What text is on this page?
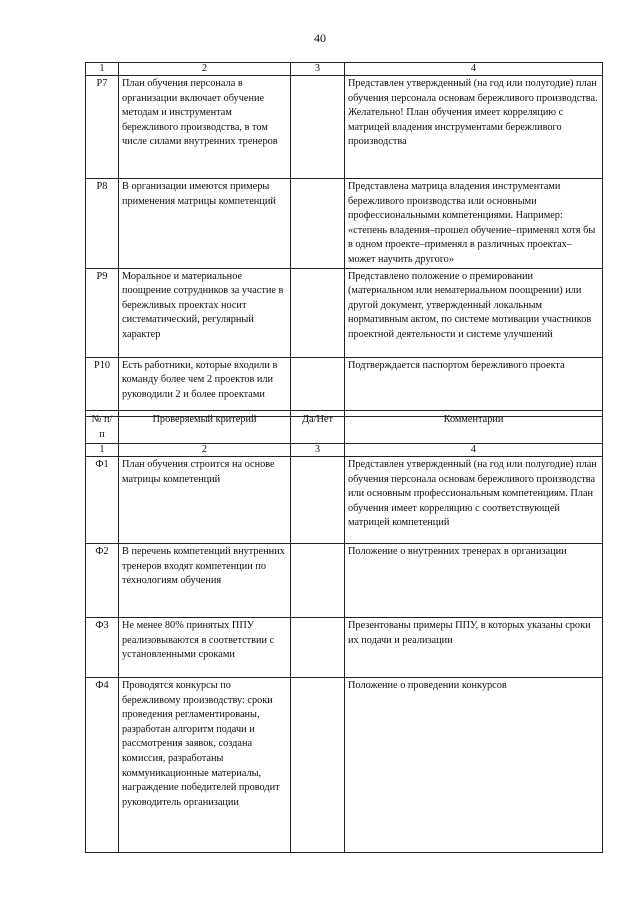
40
1	2	3	4
Р7	План обучения персонала в организации включает обучение методам и инструментам бережливого производства, в том числе силами внутренних тренеров		Представлен утвержденный (на год или полугодие) план обучения персонала основам бережливого производства. Желательно! План обучения имеет корреляцию с матрицей владения инструментами бережливого производства
Р8	В организации имеются примеры применения матрицы компетенций		Представлена матрица владения инструментами бережливого производства или основными профессиональными компетенциями. Например: «степень владения–прошел обучение–применял хотя бы в одном проекте–применял в различных проектах–может научить другого»
Р9	Моральное и материальное поощрение сотрудников за участие в бережливых проектах носит систематический, регулярный характер		Представлено положение о премировании (материальном или нематериальном поощрении) или другой документ, утвержденный локальным нормативным актом, по системе мотивации участников проектной деятельности и системе улучшений
Р10	Есть работники, которые входили в команду более чем 2 проектов или руководили 2 и более проектами		Подтверждается паспортом бережливого проекта
№ п/п	Проверяемый критерий	Да/Нет	Комментарии
1	2	3	4
Ф1	План обучения строится на основе матрицы компетенций		Представлен утвержденный (на год или полугодие) план обучения персонала основам бережливого производства или основным профессиональным компетенциям. План обучения имеет корреляцию с соответствующей матрицей компетенций
Ф2	В перечень компетенций внутренних тренеров входят компетенции по технологиям обучения		Положение о внутренних тренерах в организации
Ф3	Не менее 80% принятых ППУ реализовываются в соответствии с установленными сроками		Презентованы примеры ППУ, в которых указаны сроки их подачи и реализации
Ф4	Проводятся конкурсы по бережливому производству: сроки проведения регламентированы, разработан алгоритм подачи и рассмотрения заявок, создана комиссия, разработаны коммуникационные материалы, награждение победителей проводит руководитель организации		Положение о проведении конкурсов
